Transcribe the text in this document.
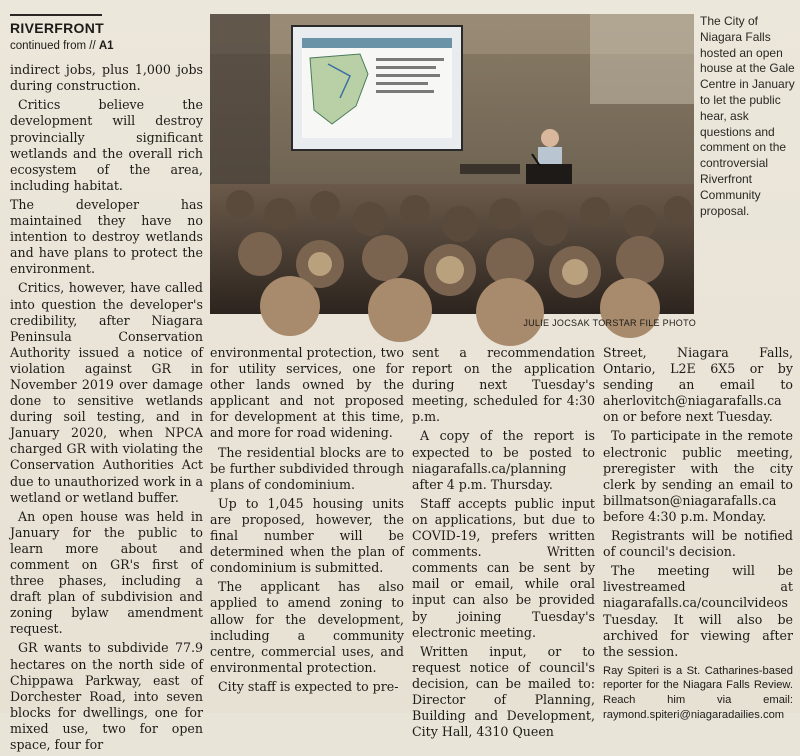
RIVERFRONT
continued from // A1

indirect jobs, plus 1,000 jobs during construction.

Critics believe the development will destroy provincially significant wetlands and the overall rich ecosystem of the area, including habitat.

The developer has maintained they have no intention to destroy wetlands and have plans to protect the environment.

Critics, however, have called into question the developer's credibility, after Niagara Peninsula Conservation Authority issued a notice of violation against GR in November 2019 over damage done to sensitive wetlands during soil testing, and in January 2020, when NPCA charged GR with violating the Conservation Authorities Act due to unauthorized work in a wetland or wetland buffer.

An open house was held in January for the public to learn more about and comment on GR's first of three phases, including a draft plan of subdivision and zoning bylaw amendment request.

GR wants to subdivide 77.9 hectares on the north side of Chippawa Parkway, east of Dorchester Road, into seven blocks for dwellings, one for mixed use, two for open space, four for

JULIE JOCSAK TORSTAR FILE PHOTO
The City of Niagara Falls hosted an open house at the Gale Centre in January to let the public hear, ask questions and comment on the controversial Riverfront Community proposal.

environmental protection, two for utility services, one for other lands owned by the applicant and not proposed for development at this time, and more for road widening.

The residential blocks are to be further subdivided through plans of condominium.

Up to 1,045 housing units are proposed, however, the final number will be determined when the plan of condominium is submitted.

The applicant has also applied to amend zoning to allow for the development, including a community centre, commercial uses, and environmental protection.

City staff is expected to pre-

sent a recommendation report on the application during next Tuesday's meeting, scheduled for 4:30 p.m.

A copy of the report is expected to be posted to niagarafalls.ca/planning after 4 p.m. Thursday.

Staff accepts public input on applications, but due to COVID-19, prefers written comments. Written comments can be sent by mail or email, while oral input can also be provided by joining Tuesday's electronic meeting.

Written input, or to request notice of council's decision, can be mailed to: Director of Planning, Building and Development, City Hall, 4310 Queen

Street, Niagara Falls, Ontario, L2E 6X5 or by sending an email to aherlovitch@niagarafalls.ca on or before next Tuesday.

To participate in the remote electronic public meeting, preregister with the city clerk by sending an email to billmatson@niagarafalls.ca before 4:30 p.m. Monday.

Registrants will be notified of council's decision.

The meeting will be livestreamed at niagarafalls.ca/councilvideos Tuesday. It will also be archived for viewing after the session.

Ray Spiteri is a St. Catharines-based reporter for the Niagara Falls Review. Reach him via email: raymond.spiteri@niagaradailies.com
